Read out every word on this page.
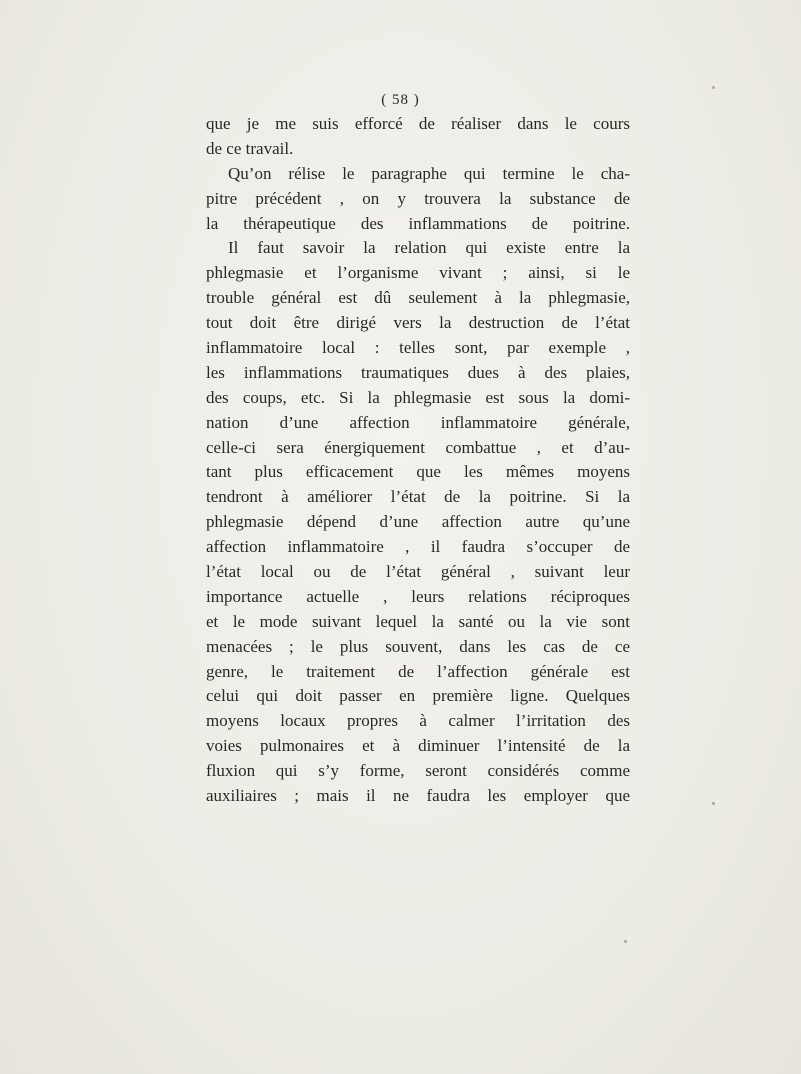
( 58 )
que je me suis efforcé de réaliser dans le cours
de ce travail.
Qu’on rélise le paragraphe qui termine le cha-
pitre précédent , on y trouvera la substance de
la thérapeutique des inflammations de poitrine.
Il faut savoir la relation qui existe entre la
phlegmasie et l’organisme vivant ; ainsi, si le
trouble général est dû seulement à la phlegmasie,
tout doit être dirigé vers la destruction de l’état
inflammatoire local : telles sont, par exemple ,
les inflammations traumatiques dues à des plaies,
des coups, etc. Si la phlegmasie est sous la domi-
nation d’une affection inflammatoire générale,
celle-ci sera énergiquement combattue , et d’au-
tant plus efficacement que les mêmes moyens
tendront à améliorer l’état de la poitrine. Si la
phlegmasie dépend d’une affection autre qu’une
affection inflammatoire , il faudra s’occuper de
l’état local ou de l’état général , suivant leur
importance actuelle , leurs relations réciproques
et le mode suivant lequel la santé ou la vie sont
menacées ; le plus souvent, dans les cas de ce
genre, le traitement de l’affection générale est
celui qui doit passer en première ligne. Quelques
moyens locaux propres à calmer l’irritation des
voies pulmonaires et à diminuer l’intensité de la
fluxion qui s’y forme, seront considérés comme
auxiliaires ; mais il ne faudra les employer que
